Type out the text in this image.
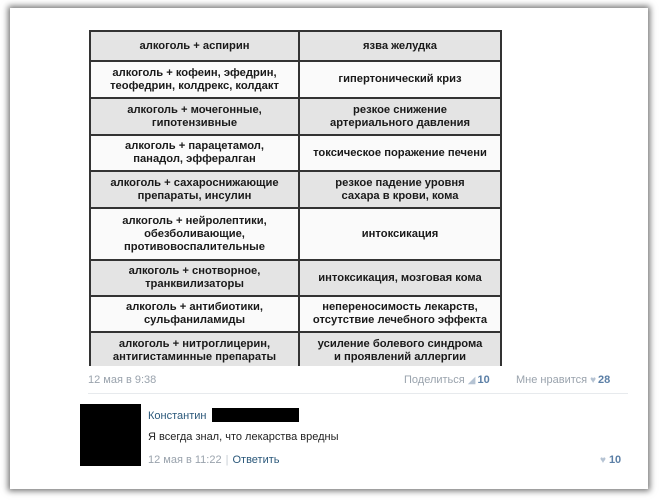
алкоголь + аспирин	язва желудка
алкоголь + кофеин, эфедрин,
теофедрин, колдрекс, колдакт	гипертонический криз
алкоголь + мочегонные,
гипотензивные	резкое снижение
артериального давления
алкоголь + парацетамол,
панадол, эффералган	токсическое поражение печени
алкоголь + сахароснижающие
препараты, инсулин	резкое падение уровня
сахара в крови, кома
алкоголь + нейролептики,
обезболивающие,
противовоспалительные	интоксикация
алкоголь + снотворное,
транквилизаторы	интоксикация, мозговая кома
алкоголь + антибиотики,
сульфаниламиды	непереносимость лекарств,
отсутствие лечебного эффекта
алкоголь + нитроглицерин,
антигистаминные препараты	усиление болевого синдрома
и проявлений аллергии
12 мая в 9:38	Поделиться ◢ 10 Мне нравится ♥ 28
Константин
Я всегда знал, что лекарства вредны
12 мая в 11:22 | Ответить	♥ 10
